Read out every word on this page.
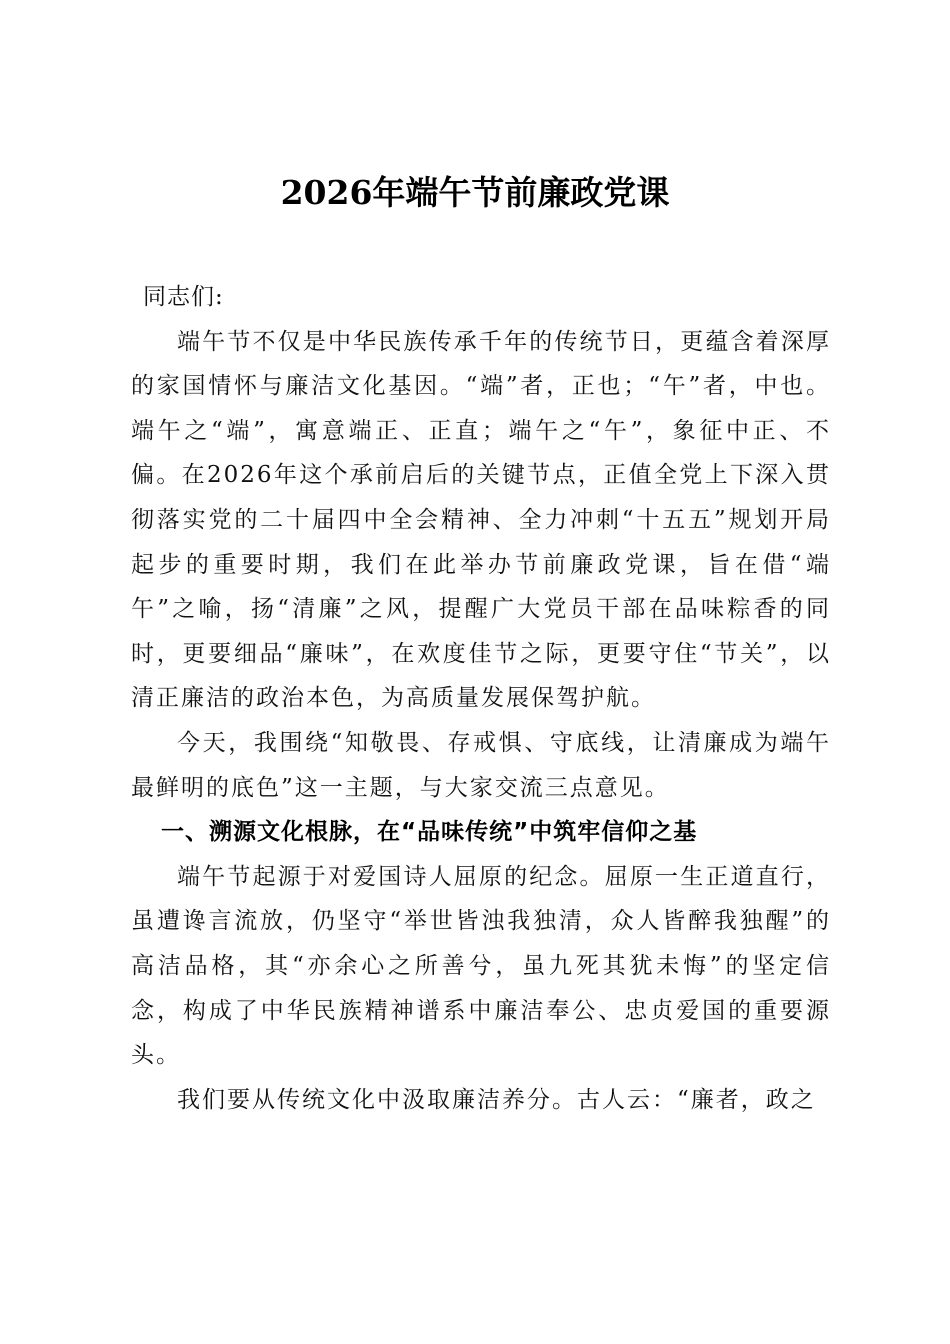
2026年端午节前廉政党课

同志们:

端午节不仅是中华民族传承千年的传统节日，更蕴含着深厚的家国情怀与廉洁文化基因。“端”者，正也；“午”者，中也。端午之“端”，寓意端正、正直；端午之“午”，象征中正、不偏。在2026年这个承前启后的关键节点，正值全党上下深入贯彻落实党的二十届四中全会精神、全力冲刺“十五五”规划开局起步的重要时期，我们在此举办节前廉政党课，旨在借“端午”之喻，扬“清廉”之风，提醒广大党员干部在品味粽香的同时，更要细品“廉味”，在欢度佳节之际，更要守住“节关”，以清正廉洁的政治本色，为高质量发展保驾护航。

今天，我围绕“知敬畏、存戒惧、守底线，让清廉成为端午最鲜明的底色”这一主题，与大家交流三点意见。

一、溯源文化根脉，在“品味传统”中筑牢信仰之基

端午节起源于对爱国诗人屈原的纪念。屈原一生正道直行，虽遭谗言流放，仍坚守“举世皆浊我独清，众人皆醉我独醒”的高洁品格，其“亦余心之所善兮，虽九死其犹未悔”的坚定信念，构成了中华民族精神谱系中廉洁奉公、忠贞爱国的重要源头。

我们要从传统文化中汲取廉洁养分。古人云：“廉者，政之
